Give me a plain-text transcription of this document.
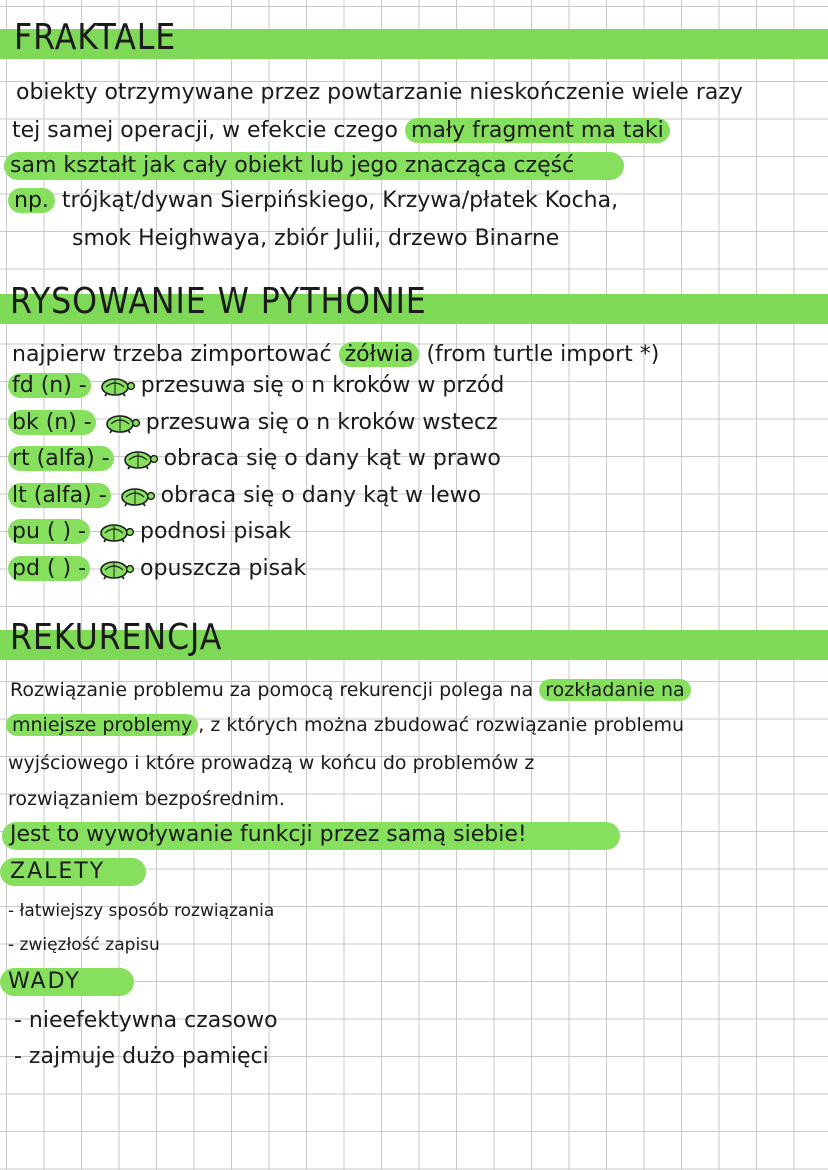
FRAKTALE
obiekty otrzymywane przez powtarzanie nieskończenie wiele razy
tej samej operacji, w efekcie czego mały fragment ma taki
sam kształt jak cały obiekt lub jego znacząca część
np. trójkąt/dywan Sierpińskiego, Krzywa/płatek Kocha,
smok Heighwaya, zbiór Julii, drzewo Binarne
RYSOWANIE W PYTHONIE
najpierw trzeba zimportować żółwia (from turtle import *)
fd (n) - przesuwa się o n kroków w przód
bk (n) - przesuwa się o n kroków wstecz
rt (alfa) - obraca się o dany kąt w prawo
lt (alfa) - obraca się o dany kąt w lewo
pu ( ) - podnosi pisak
pd ( ) - opuszcza pisak
REKURENCJA
Rozwiązanie problemu za pomocą rekurencji polega na rozkładanie na
mniejsze problemy , z których można zbudować rozwiązanie problemu
wyjściowego i które prowadzą w końcu do problemów z
rozwiązaniem bezpośrednim.
Jest to wywoływanie funkcji przez samą siebie!
ZALETY
- łatwiejszy sposób rozwiązania
- zwięzłość zapisu
WADY
- nieefektywna czasowo
- zajmuje dużo pamięci
